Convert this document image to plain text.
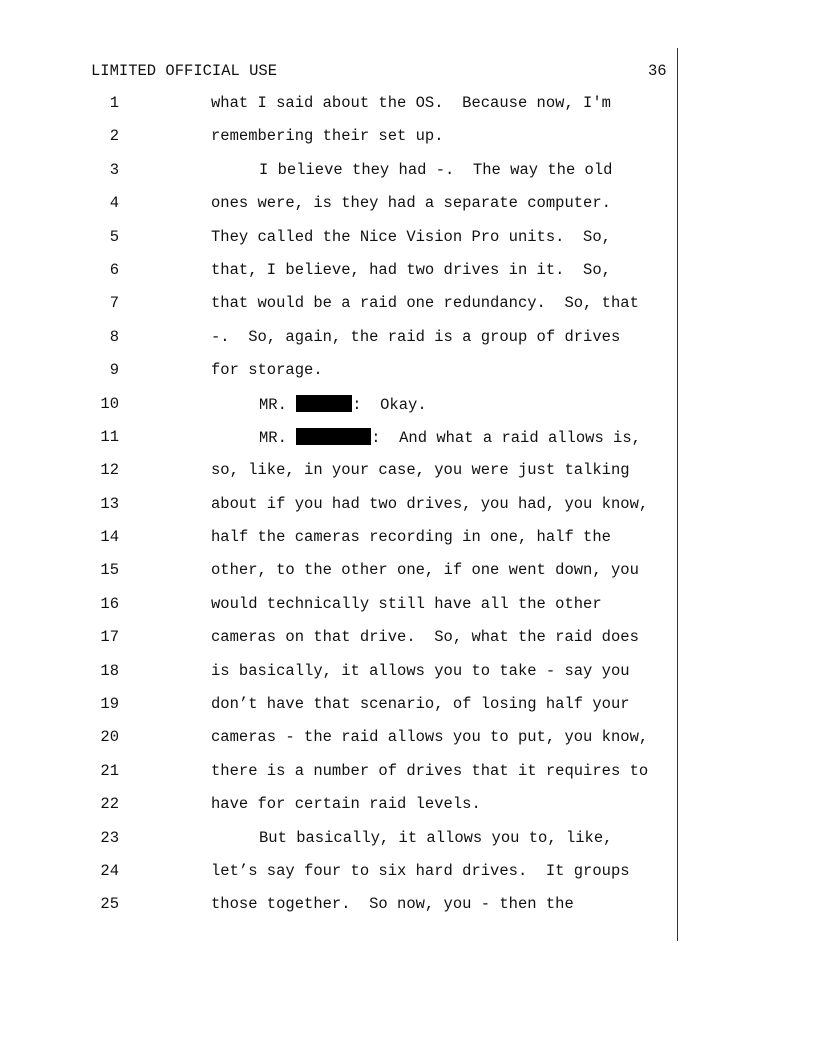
LIMITED OFFICIAL USE	36
1	what I said about the OS.  Because now, I'm
2	remembering their set up.
3	I believe they had -.  The way the old
4	ones were, is they had a separate computer.
5	They called the Nice Vision Pro units.  So,
6	that, I believe, had two drives in it.  So,
7	that would be a raid one redundancy.  So, that
8	-.  So, again, the raid is a group of drives
9	for storage.
10	MR.	:  Okay.
11	MR.	:  And what a raid allows is,
12	so, like, in your case, you were just talking
13	about if you had two drives, you had, you know,
14	half the cameras recording in one, half the
15	other, to the other one, if one went down, you
16	would technically still have all the other
17	cameras on that drive.  So, what the raid does
18	is basically, it allows you to take - say you
19	don’t have that scenario, of losing half your
20	cameras - the raid allows you to put, you know,
21	there is a number of drives that it requires to
22	have for certain raid levels.
23	But basically, it allows you to, like,
24	let’s say four to six hard drives.  It groups
25	those together.  So now, you - then the
